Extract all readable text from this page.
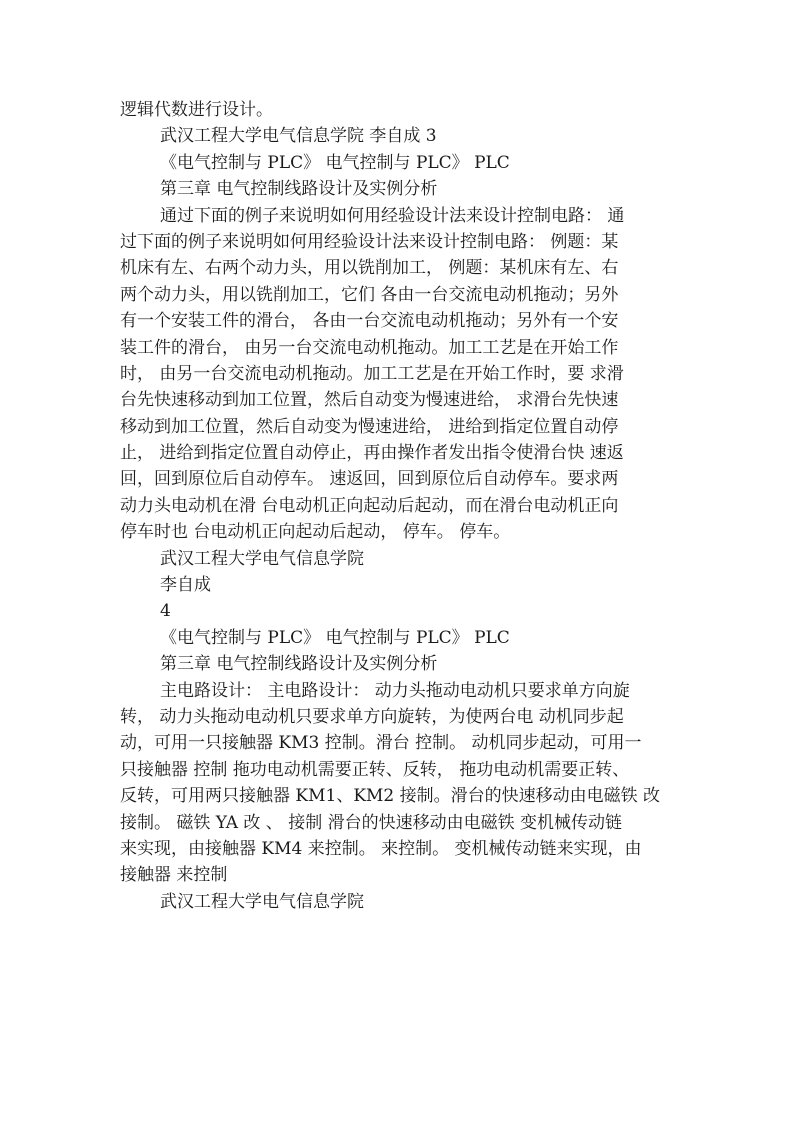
逻辑代数进行设计。
武汉工程大学电气信息学院 李自成 3
《电气控制与 PLC》 电气控制与 PLC》 PLC
第三章 电气控制线路设计及实例分析
通过下面的例子来说明如何用经验设计法来设计控制电路： 通
过下面的例子来说明如何用经验设计法来设计控制电路： 例题：某
机床有左、右两个动力头，用以铣削加工， 例题：某机床有左、右
两个动力头，用以铣削加工，它们 各由一台交流电动机拖动；另外
有一个安装工件的滑台， 各由一台交流电动机拖动；另外有一个安
装工件的滑台， 由另一台交流电动机拖动。加工工艺是在开始工作
时， 由另一台交流电动机拖动。加工工艺是在开始工作时，要 求滑
台先快速移动到加工位置，然后自动变为慢速进给， 求滑台先快速
移动到加工位置，然后自动变为慢速进给， 进给到指定位置自动停
止， 进给到指定位置自动停止，再由操作者发出指令使滑台快 速返
回，回到原位后自动停车。 速返回，回到原位后自动停车。要求两
动力头电动机在滑 台电动机正向起动后起动，而在滑台电动机正向
停车时也 台电动机正向起动后起动， 停车。 停车。
武汉工程大学电气信息学院
李自成
4
《电气控制与 PLC》 电气控制与 PLC》 PLC
第三章 电气控制线路设计及实例分析
主电路设计： 主电路设计： 动力头拖动电动机只要求单方向旋
转， 动力头拖动电动机只要求单方向旋转，为使两台电 动机同步起
动，可用一只接触器 KM3 控制。滑台 控制。 动机同步起动，可用一
只接触器 控制 拖功电动机需要正转、反转， 拖功电动机需要正转、
反转，可用两只接触器 KM1、KM2 接制。滑台的快速移动由电磁铁 改
接制。 磁铁 YA 改 、 接制 滑台的快速移动由电磁铁 变机械传动链
来实现，由接触器 KM4 来控制。 来控制。 变机械传动链来实现，由
接触器 来控制
武汉工程大学电气信息学院
